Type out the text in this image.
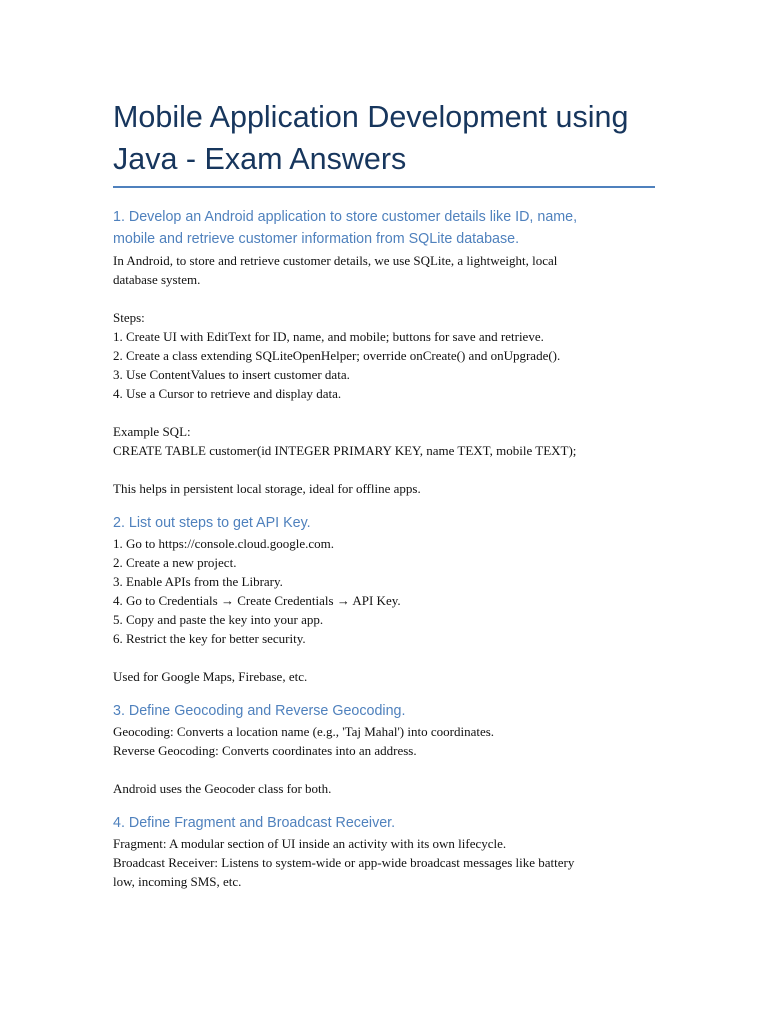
Mobile Application Development using
Java - Exam Answers
1. Develop an Android application to store customer details like ID, name,
mobile and retrieve customer information from SQLite database.
In Android, to store and retrieve customer details, we use SQLite, a lightweight, local
database system.
Steps:
1. Create UI with EditText for ID, name, and mobile; buttons for save and retrieve.
2. Create a class extending SQLiteOpenHelper; override onCreate() and onUpgrade().
3. Use ContentValues to insert customer data.
4. Use a Cursor to retrieve and display data.
Example SQL:
CREATE TABLE customer(id INTEGER PRIMARY KEY, name TEXT, mobile TEXT);
This helps in persistent local storage, ideal for offline apps.
2. List out steps to get API Key.
1. Go to https://console.cloud.google.com.
2. Create a new project.
3. Enable APIs from the Library.
4. Go to Credentials → Create Credentials → API Key.
5. Copy and paste the key into your app.
6. Restrict the key for better security.
Used for Google Maps, Firebase, etc.
3. Define Geocoding and Reverse Geocoding.
Geocoding: Converts a location name (e.g., 'Taj Mahal') into coordinates.
Reverse Geocoding: Converts coordinates into an address.
Android uses the Geocoder class for both.
4. Define Fragment and Broadcast Receiver.
Fragment: A modular section of UI inside an activity with its own lifecycle.
Broadcast Receiver: Listens to system-wide or app-wide broadcast messages like battery
low, incoming SMS, etc.
